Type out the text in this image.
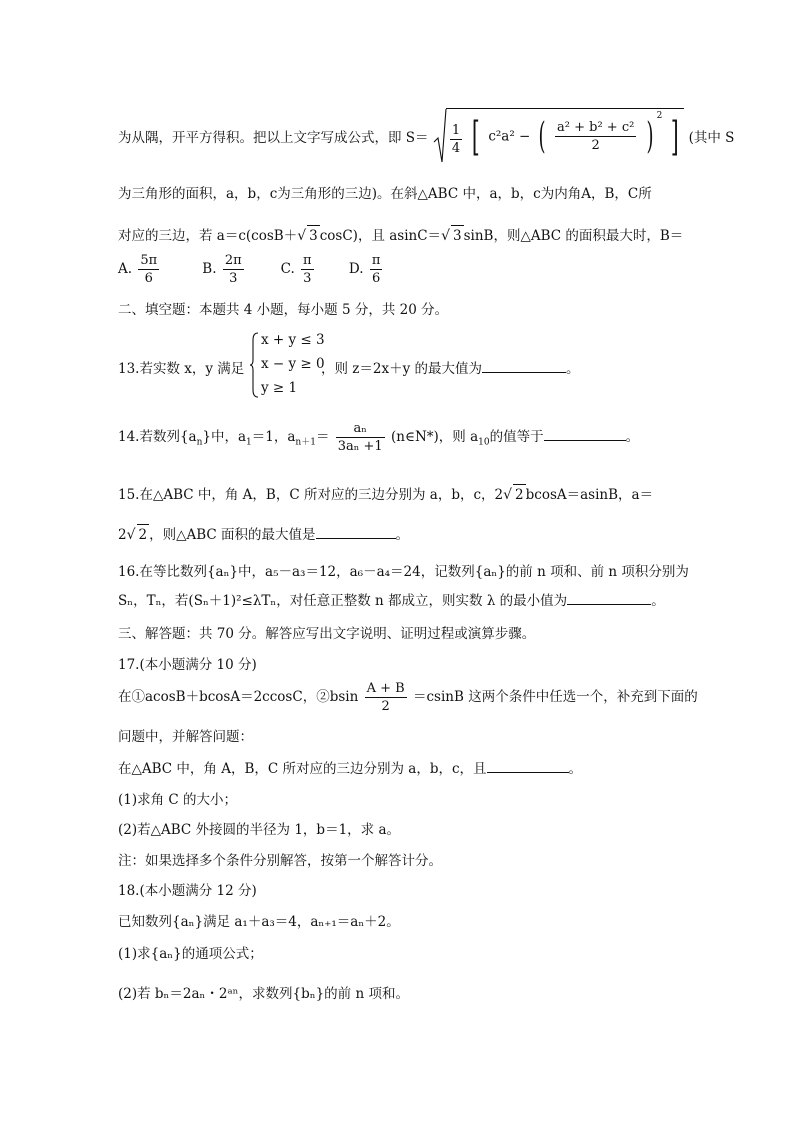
为从隅，开平方得积。把以上文字写成公式，即 $S= \frac{1}{4}$ [ c²a² − ( $\frac{\text{a² + b² + c²}}{2}$ ) $^2$ ] (其中 S
为三角形的面积，a，b，c为三角形的三边)。在斜△ABC 中，a，b，c为内角A，B，C所
对应的三边，若 a＝c(cosB＋√ 3 cosC)，且 asinC＝√ 3 sinB，则△ABC 的面积最大时，B＝
A. $\frac{5\pi}{6}$	B. $\frac{2\pi}{3}$	C. $\frac{\pi}{3}$	D. $\frac{\pi}{6}$
二、填空题：本题共 4 小题，每小题 5 分，共 20 分。
13.若实数 x，y 满足
x + y ≤ 3
x − y ≥ 0
y ≥ 1
，则 z＝2x＋y 的最大值为	。
14.若数列$\{a_n\}$中，$a_1=1$，$a_{n+1}= \frac{\text{aₙ}}{\text{3aₙ +1}}$ (n∈N*)，则 $a_{10}$的值等于	。
15.在△ABC 中，角 A，B，C 所对应的三边分别为 a，b，c，2√ 2 bcosA＝asinB，a＝
2√ 2 ，则△ABC 面积的最大值是	。
16.在等比数列{aₙ}中，a₅－a₃＝12，a₆－a₄＝24，记数列{aₙ}的前 n 项和、前 n 项积分别为
Sₙ，Tₙ，若(Sₙ＋1)²≤λTₙ，对任意正整数 n 都成立，则实数 λ 的最小值为	。
三、解答题：共 70 分。解答应写出文字说明、证明过程或演算步骤。
17.(本小题满分 10 分)
在①acosB＋bcosA＝2ccosC，②bsin $\frac{A + B}{2} =csinB$ 这两个条件中任选一个，补充到下面的
问题中，并解答问题：
在△ABC 中，角 A，B，C 所对应的三边分别为 a，b，c，且	。
(1)求角 C 的大小；
(2)若△ABC 外接圆的半径为 1，b＝1，求 a。
注：如果选择多个条件分别解答，按第一个解答计分。
18.(本小题满分 12 分)
已知数列{aₙ}满足 a₁＋a₃＝4，aₙ₊₁＝aₙ＋2。
(1)求{aₙ}的通项公式；
(2)若 bₙ＝2aₙ・2ᵃⁿ，求数列{bₙ}的前 n 项和。
